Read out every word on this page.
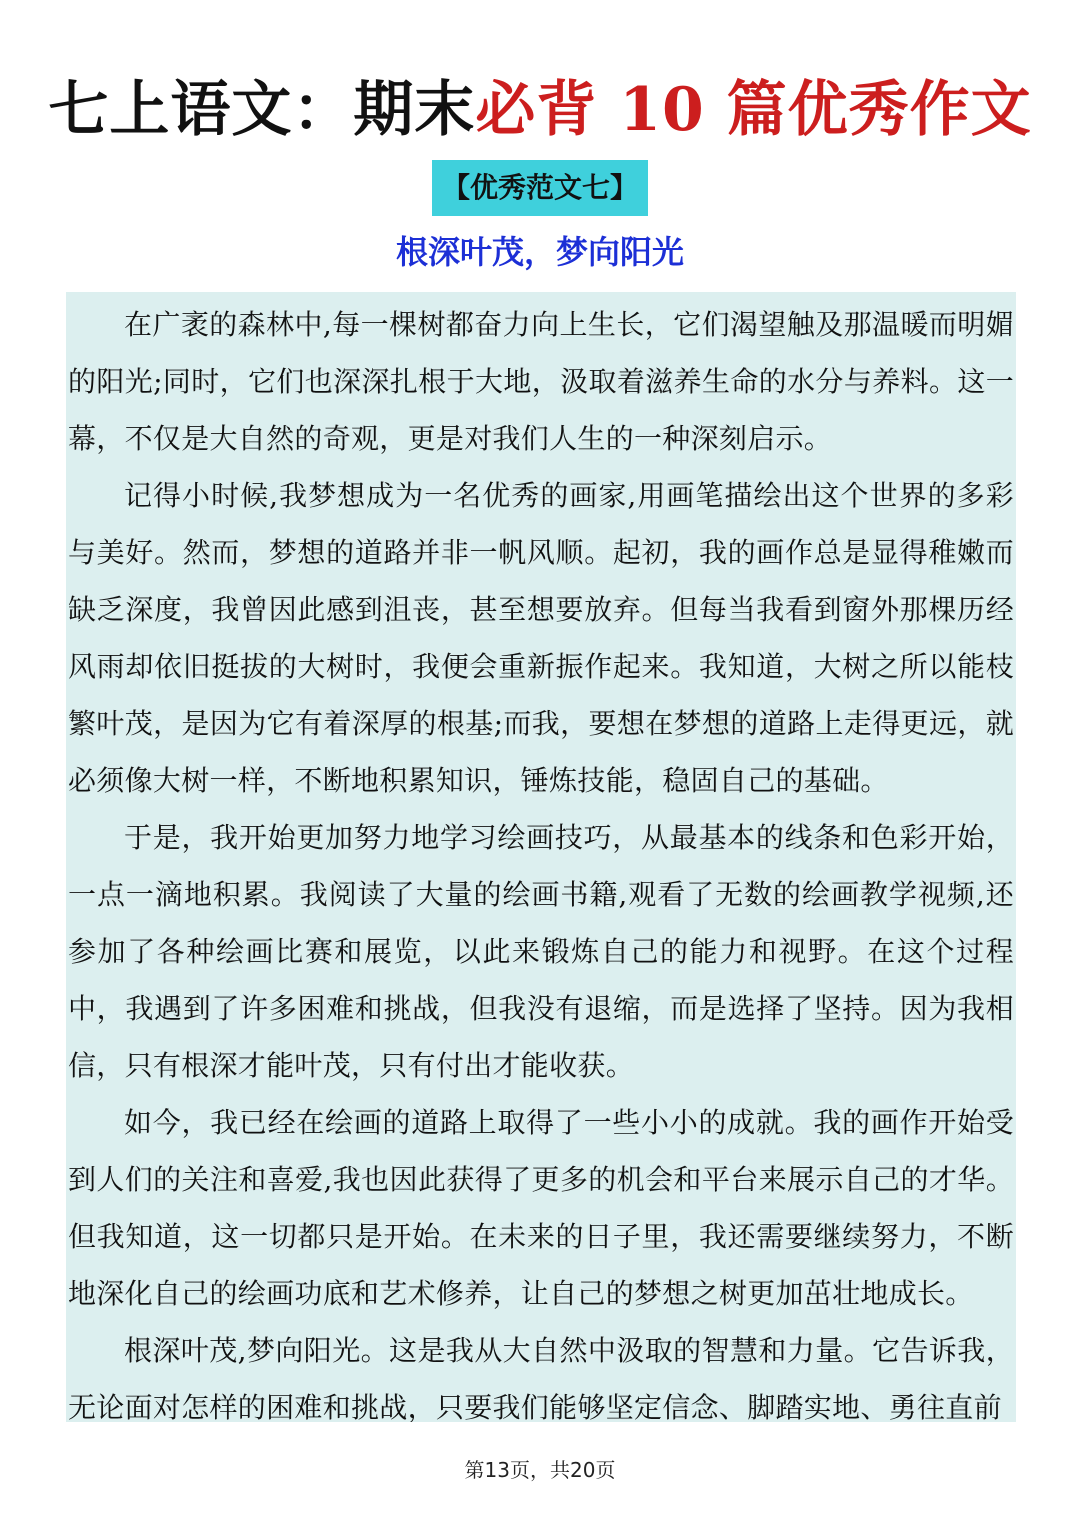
七上语文：期末必背 10 篇优秀作文
【优秀范文七】
根深叶茂，梦向阳光

在广袤的森林中,每一棵树都奋力向上生长，它们渴望触及那温暖而明媚的阳光;同时，它们也深深扎根于大地，汲取着滋养生命的水分与养料。这一幕，不仅是大自然的奇观，更是对我们人生的一种深刻启示。

记得小时候,我梦想成为一名优秀的画家,用画笔描绘出这个世界的多彩与美好。然而，梦想的道路并非一帆风顺。起初，我的画作总是显得稚嫩而缺乏深度，我曾因此感到沮丧，甚至想要放弃。但每当我看到窗外那棵历经风雨却依旧挺拔的大树时，我便会重新振作起来。我知道，大树之所以能枝繁叶茂，是因为它有着深厚的根基;而我，要想在梦想的道路上走得更远，就必须像大树一样，不断地积累知识，锤炼技能，稳固自己的基础。

于是，我开始更加努力地学习绘画技巧，从最基本的线条和色彩开始，一点一滴地积累。我阅读了大量的绘画书籍,观看了无数的绘画教学视频,还参加了各种绘画比赛和展览，以此来锻炼自己的能力和视野。在这个过程中，我遇到了许多困难和挑战，但我没有退缩，而是选择了坚持。因为我相信，只有根深才能叶茂，只有付出才能收获。

如今，我已经在绘画的道路上取得了一些小小的成就。我的画作开始受到人们的关注和喜爱,我也因此获得了更多的机会和平台来展示自己的才华。但我知道，这一切都只是开始。在未来的日子里，我还需要继续努力，不断地深化自己的绘画功底和艺术修养，让自己的梦想之树更加茁壮地成长。

根深叶茂,梦向阳光。这是我从大自然中汲取的智慧和力量。它告诉我，无论面对怎样的困难和挑战，只要我们能够坚定信念、脚踏实地、勇往直前

第13页，共20页
